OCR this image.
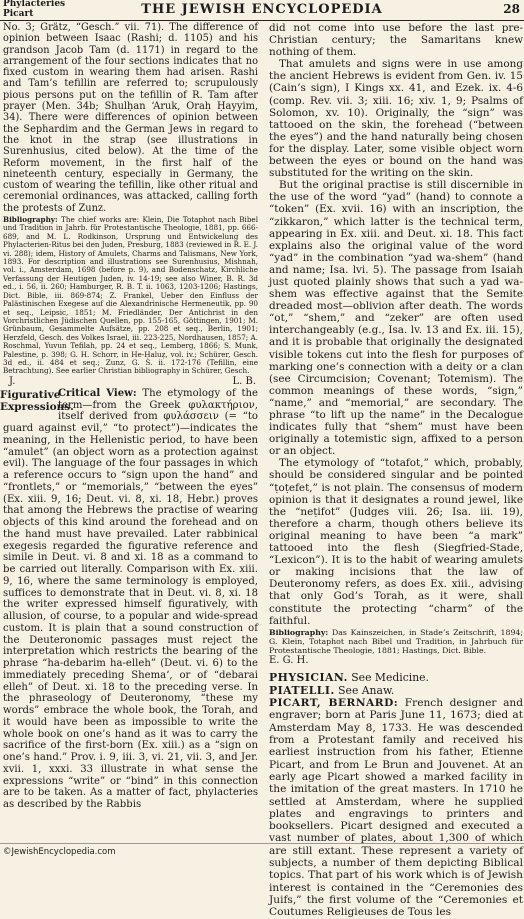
Phylacteries
Picart	THE JEWISH ENCYCLOPEDIA	28

No. 3; Grätz, “Gesch.” vii. 71). The difference of opinion between Isaac (Rashi; d. 1105) and his grandson Jacob Tam (d. 1171) in regard to the arrangement of the four sections indicates that no fixed custom in wearing them had arisen. Rashi and Tam’s tefillin are referred to; scrupulously pious persons put on the tefillin of R. Tam after prayer (Men. 34b; Shulḥan ‘Aruk, Oraḥ Ḥayyim, 34). There were differences of opinion between the Sephardim and the German Jews in regard to the knot in the strap (see illustrations in Surenhusius, cited below). At the time of the Reform movement, in the first half of the nineteenth century, especially in Germany, the custom of wearing the tefillin, like other ritual and ceremonial ordinances, was attacked, calling forth the protests of Zunz.

Bibliography: The chief works are: Klein, Die Totaphot nach Bibel und Tradition in Jahrb. für Protestantische Theologie, 1881, pp. 666-689, and M. L. Rodkinson, Ursprung und Entwickelung des Phylacterien-Ritus bei den Juden, Presburg, 1883 (reviewed in R. E. J. vi. 288); idem, History of Amulets, Charms and Talismans, New York, 1893. For description and illustrations see Surenhusius, Mishnah, vol. i., Amsterdam, 1698 (before p. 9), and Bodenschatz, Kirchliche Verfassung der Heutigen Juden, iv. 14-19; see also Winer, B. R. 3d ed., i. 56, ii. 260; Hamburger, R. B. T. ii. 1063, 1203-1206; Hastings, Dict. Bible, iii. 869-874; Z. Frankel, Ueber den Einfluss der Palästinischen Exegese auf die Alexandrinische Hermeneutik, pp. 90 et seq., Leipsic, 1851; M. Friedländer, Der Antichrist in den Vorchristlichen Jüdischen Quellen, pp. 155-165, Göttingen, 1901; M. Grünbaum, Gesammelte Aufsätze, pp. 208 et seq., Berlin, 1901; Herzfeld, Gesch. des Volkes Israel, iii. 223-225, Nordhausen, 1857; A. Roschmal, Yuvun Tefilah, pp. 24 et seq., Lemberg, 1866; S. Munk, Palestine, p. 398; G. H. Schorr, in He-Ḥaluẓ, vol. iv.; Schürer, Gesch. 3d ed., ii. 484 et seq.; Zunz, G. S. ii. 172-176 (Tefillin, eine Betrachtung). See earlier Christian bibliography in Schürer, Gesch.

J.	L. B.

Figurative Expressions.
Critical View: The etymology of the term—from the Greek φυλακτήριον, itself derived from φυλάσσειν (= “to guard against evil,” “to protect”)—indicates the meaning, in the Hellenistic period, to have been “amulet” (an object worn as a protection against evil). The language of the four passages in which a reference occurs to “sign upon the hand” and “frontlets,” or “memorials,” “between the eyes” (Ex. xiii. 9, 16; Deut. vi. 8, xi. 18, Hebr.) proves that among the Hebrews the practise of wearing objects of this kind around the forehead and on the hand must have prevailed. Later rabbinical exegesis regarded the figurative reference and simile in Deut. vi. 8 and xi. 18 as a command to be carried out literally. Comparison with Ex. xiii. 9, 16, where the same terminology is employed, suffices to demonstrate that in Deut. vi. 8, xi. 18 the writer expressed himself figuratively, with allusion, of course, to a popular and wide-spread custom. It is plain that a sound construction of the Deuteronomic passages must reject the interpretation which restricts the bearing of the phrase “ha-debarim ha-elleh” (Deut. vi. 6) to the immediately preceding Shema‘, or of “debarai elleh” of Deut. xi. 18 to the preceding verse. In the phraseology of Deuteronomy, “these my words” embrace the whole book, the Torah, and it would have been as impossible to write the whole book on one’s hand as it was to carry the sacrifice of the first-born (Ex. xiii.) as a “sign on one’s hand.” Prov. i. 9, iii. 3, vi. 21, vii. 3, and Jer. xvii. 1, xxxi. 33 illustrate in what sense the expressions “write” or “bind” in this connection are to be taken. As a matter of fact, phylacteries as described by the Rabbis

did not come into use before the last pre-Christian century; the Samaritans knew nothing of them.

That amulets and signs were in use among the ancient Hebrews is evident from Gen. iv. 15 (Cain’s sign), I Kings xx. 41, and Ezek. ix. 4-6 (comp. Rev. vii. 3; xiii. 16; xiv. 1, 9; Psalms of Solomon, xv. 10). Originally, the “sign” was tattooed on the skin, the forehead (“between the eyes”) and the hand naturally being chosen for the display. Later, some visible object worn between the eyes or bound on the hand was substituted for the writing on the skin.

But the original practise is still discernible in the use of the word “yad” (hand) to connote a “token” (Ex. xvii. 16) with an inscription, the “zikkaron,” which latter is the technical term, appearing in Ex. xiii. and Deut. xi. 18. This fact explains also the original value of the word “yad” in the combination “yad wa-shem” (hand and name; Isa. lvi. 5). The passage from Isaiah just quoted plainly shows that such a yad wa-shem was effective against that the Semite dreaded most—oblivion after death. The words “ot,” “shem,” and “zeker” are often used interchangeably (e.g., Isa. lv. 13 and Ex. iii. 15), and it is probable that originally the designated visible tokens cut into the flesh for purposes of marking one’s connection with a deity or a clan (see Circumcision; Covenant; Totemism). The common meanings of these words, “sign,” “name,” and “memorial,” are secondary. The phrase “to lift up the name” in the Decalogue indicates fully that “shem” must have been originally a totemistic sign, affixed to a person or an object.

The etymology of “totafot,” which, probably, should be considered singular and be pointed “ṭoṭefet,” is not plain. The consensus of modern opinion is that it designates a round jewel, like the “neṭifot” (Judges viii. 26; Isa. iii. 19), therefore a charm, though others believe its original meaning to have been “a mark” tattooed into the flesh (Siegfried-Stade, “Lexicon”). It is to the habit of wearing amulets or making incisions that the law of Deuteronomy refers, as does Ex. xiii., advising that only God’s Torah, as it were, shall constitute the protecting “charm” of the faithful.

Bibliography: Das Kainszeichen, in Stade’s Zeitschrift, 1894; G. Klein, Totaphot nach Bibel und Tradition, in Jahrbuch für Protestantische Theologie, 1881; Hastings, Dict. Bible.

E. G. H.

PHYSICIAN. See Medicine.

PIATELLI. See Anaw.

PICART, BERNARD: French designer and engraver; born at Paris June 11, 1673; died at Amsterdam May 8, 1733. He was descended from a Protestant family and received his earliest instruction from his father, Etienne Picart, and from Le Brun and Jouvenet. At an early age Picart showed a marked facility in the imitation of the great masters. In 1710 he settled at Amsterdam, where he supplied plates and engravings to printers and booksellers. Picart designed and executed a vast number of plates, about 1,300 of which are still extant. These represent a variety of subjects, a number of them depicting Biblical topics. That part of his work which is of Jewish interest is contained in the “Ceremonies des Juifs,” the first volume of the “Ceremonies et Coutumes Religieuses de Tous les

©JewishEncyclopedia.com
